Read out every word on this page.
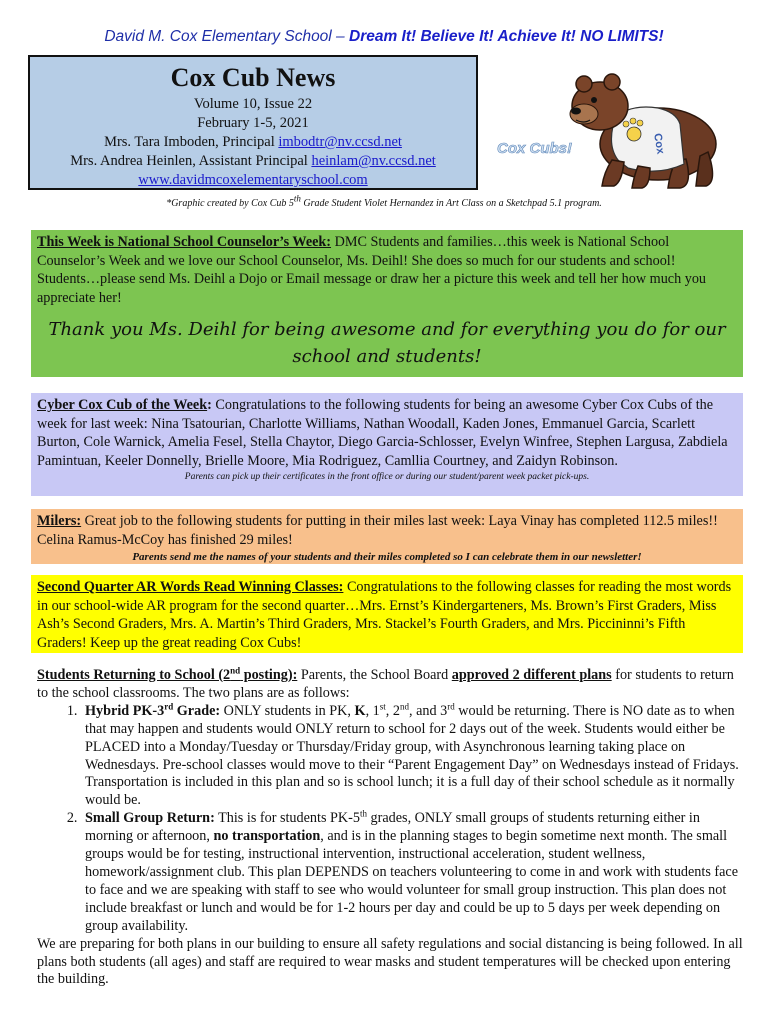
David M. Cox Elementary School – Dream It! Believe It! Achieve It! NO LIMITS!
Cox Cub News
Volume 10, Issue 22
February 1-5, 2021
Mrs. Tara Imboden, Principal imbodtr@nv.ccsd.net
Mrs. Andrea Heinlen, Assistant Principal heinlam@nv.ccsd.net
www.davidmcoxelementaryschool.com
Cox Cubs!	Cox
*Graphic created by Cox Cub 5th Grade Student Violet Hernandez in Art Class on a Sketchpad 5.1 program.
This Week is National School Counselor’s Week: DMC Students and families…this week is National School Counselor’s Week and we love our School Counselor, Ms. Deihl! She does so much for our students and school! Students…please send Ms. Deihl a Dojo or Email message or draw her a picture this week and tell her how much you appreciate her!
Thank you Ms. Deihl for being awesome and for everything you do for our school and students!
Cyber Cox Cub of the Week: Congratulations to the following students for being an awesome Cyber Cox Cubs of the week for last week: Nina Tsatourian, Charlotte Williams, Nathan Woodall, Kaden Jones, Emmanuel Garcia, Scarlett Burton, Cole Warnick, Amelia Fesel, Stella Chaytor, Diego Garcia-Schlosser, Evelyn Winfree, Stephen Largusa, Zabdiela Pamintuan, Keeler Donnelly, Brielle Moore, Mia Rodriguez, Camllia Courtney, and Zaidyn Robinson.
Parents can pick up their certificates in the front office or during our student/parent week packet pick-ups.
Milers: Great job to the following students for putting in their miles last week: Laya Vinay has completed 112.5 miles!! Celina Ramus-McCoy has finished 29 miles!
Parents send me the names of your students and their miles completed so I can celebrate them in our newsletter!
Second Quarter AR Words Read Winning Classes: Congratulations to the following classes for reading the most words in our school-wide AR program for the second quarter…Mrs. Ernst’s Kindergarteners, Ms. Brown’s First Graders, Miss Ash’s Second Graders, Mrs. A. Martin’s Third Graders, Mrs. Stackel’s Fourth Graders, and Mrs. Piccininni’s Fifth Graders! Keep up the great reading Cox Cubs!

Students Returning to School (2nd posting): Parents, the School Board approved 2 different plans for students to return to the school classrooms. The two plans are as follows:

1. Hybrid PK-3rd Grade: ONLY students in PK, K, 1st, 2nd, and 3rd would be returning. There is NO date as to when that may happen and students would ONLY return to school for 2 days out of the week. Students would either be PLACED into a Monday/Tuesday or Thursday/Friday group, with Asynchronous learning taking place on Wednesdays. Pre-school classes would move to their “Parent Engagement Day” on Wednesdays instead of Fridays. Transportation is included in this plan and so is school lunch; it is a full day of their school schedule as it normally would be.
2. Small Group Return: This is for students PK-5th grades, ONLY small groups of students returning either in morning or afternoon, no transportation, and is in the planning stages to begin sometime next month. The small groups would be for testing, instructional intervention, instructional acceleration, student wellness, homework/assignment club. This plan DEPENDS on teachers volunteering to come in and work with students face to face and we are speaking with staff to see who would volunteer for small group instruction. This plan does not include breakfast or lunch and would be for 1-2 hours per day and could be up to 5 days per week depending on group availability.

We are preparing for both plans in our building to ensure all safety regulations and social distancing is being followed. In all plans both students (all ages) and staff are required to wear masks and student temperatures will be checked upon entering the building.
